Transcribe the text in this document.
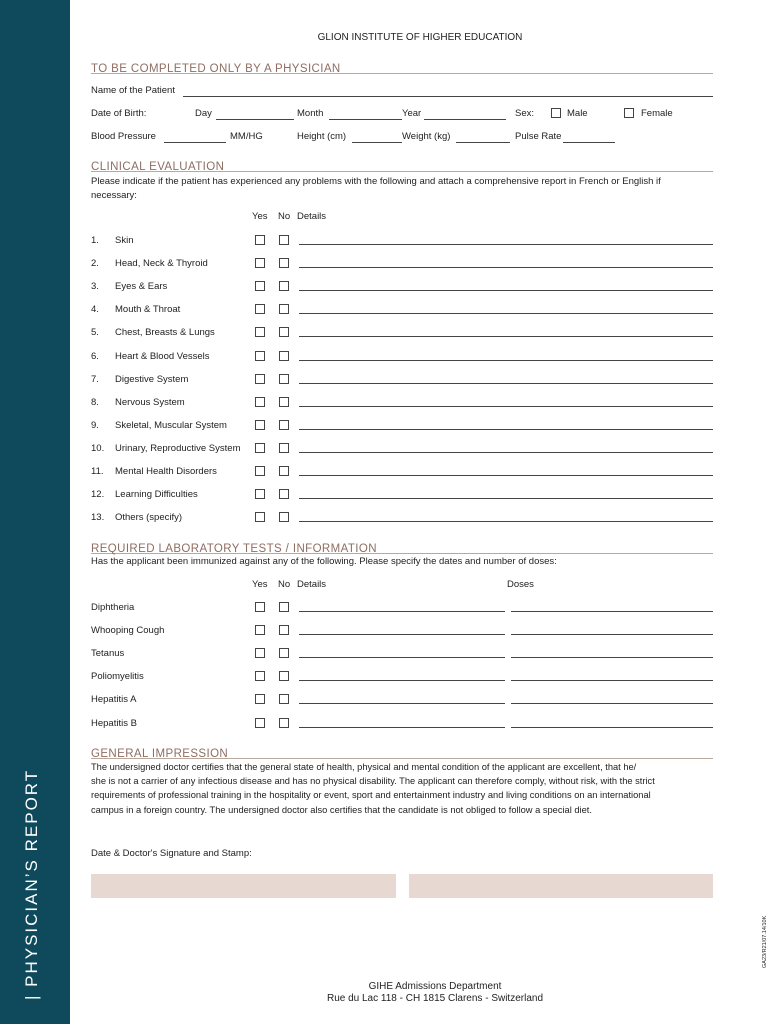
| PHYSICIAN’S REPORT
GLION INSTITUTE OF HIGHER EDUCATION
TO BE COMPLETED ONLY BY A PHYSICIAN
Name of the Patient
Date of Birth:	Day	Month	Year	Sex:	Male	Female
Blood Pressure	MM/HG	Height (cm)	Weight (kg)	Pulse Rate
CLINICAL EVALUATION
Please indicate if the patient has experienced any problems with the following and attach a comprehensive report in French or English if
necessary:
Yes No Details
1. Skin
2. Head, Neck & Thyroid
3. Eyes & Ears
4. Mouth & Throat
5. Chest, Breasts & Lungs
6. Heart & Blood Vessels
7. Digestive System
8. Nervous System
9. Skeletal, Muscular System
10. Urinary, Reproductive System
11. Mental Health Disorders
12. Learning Difficulties
13. Others (specify)
REQUIRED LABORATORY TESTS / INFORMATION
Has the applicant been immunized against any of the following. Please specify the dates and number of doses:
Yes No Details	Doses
Diphtheria
Whooping Cough
Tetanus
Poliomyelitis
Hepatitis A
Hepatitis B
GENERAL IMPRESSION
The undersigned doctor certifies that the general state of health, physical and mental condition of the applicant are excellent, that he/
she is not a carrier of any infectious disease and has no physical disability. The applicant can therefore comply, without risk, with the strict
requirements of professional training in the hospitality or event, sport and entertainment industry and living conditions on an international
campus in a foreign country. The undersigned doctor also certifies that the candidate is not obliged to follow a special diet.
Date & Doctor's Signature and Stamp:
GA23/R21/07.14/10K
GIHE Admissions Department
Rue du Lac 118 - CH 1815 Clarens - Switzerland
